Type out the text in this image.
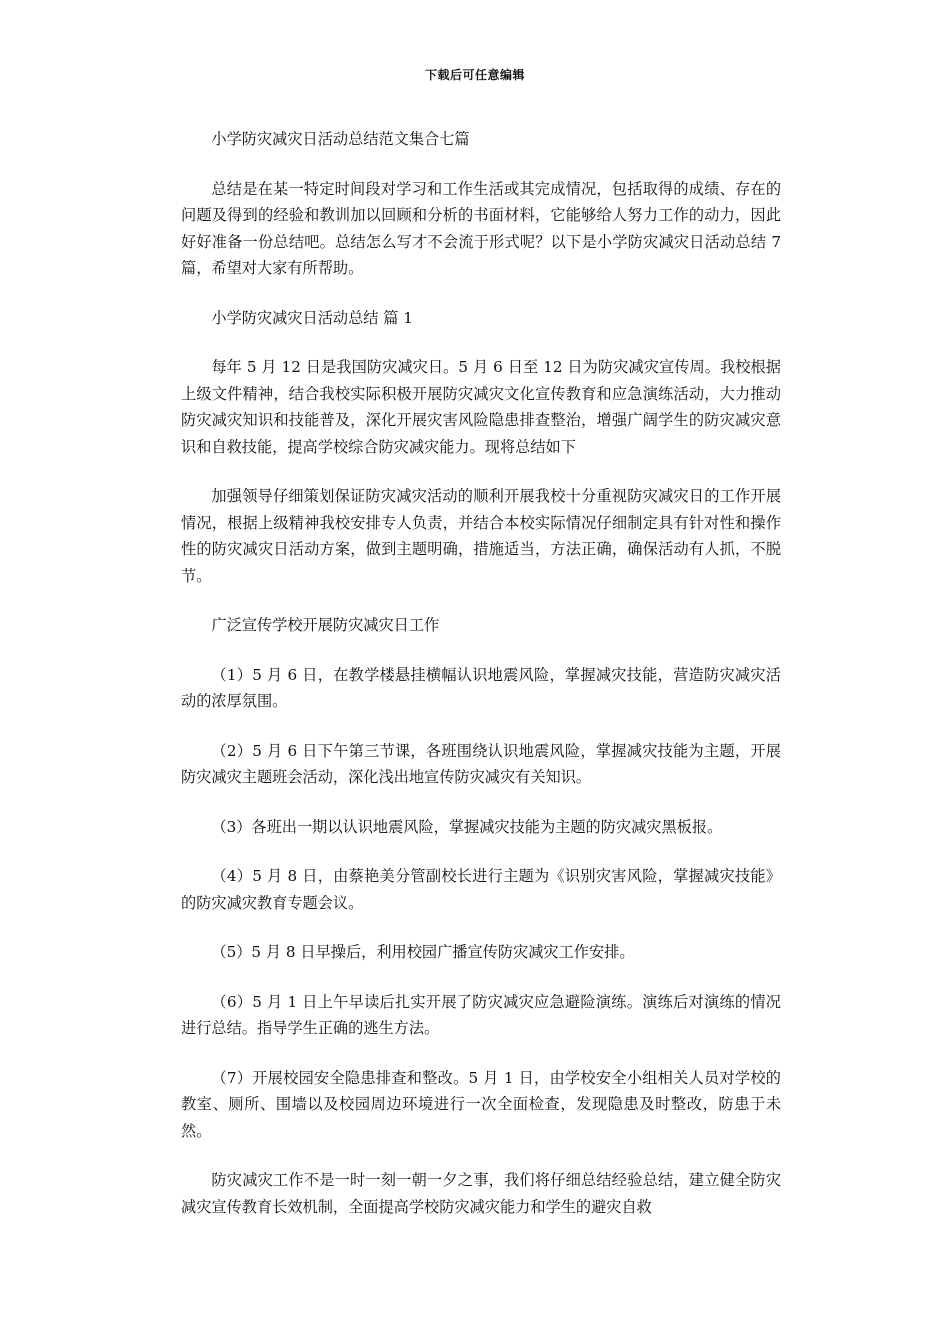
下载后可任意编辑

小学防灾减灾日活动总结范文集合七篇

总结是在某一特定时间段对学习和工作生活或其完成情况，包括取得的成绩、存在的问题及得到的经验和教训加以回顾和分析的书面材料，它能够给人努力工作的动力，因此好好准备一份总结吧。总结怎么写才不会流于形式呢？以下是小学防灾减灾日活动总结 7 篇，希望对大家有所帮助。

小学防灾减灾日活动总结 篇 1

每年 5 月 12 日是我国防灾减灾日。5 月 6 日至 12 日为防灾减灾宣传周。我校根据上级文件精神，结合我校实际积极开展防灾减灾文化宣传教育和应急演练活动，大力推动防灾减灾知识和技能普及，深化开展灾害风险隐患排查整治，增强广阔学生的防灾减灾意识和自救技能，提高学校综合防灾减灾能力。现将总结如下

加强领导仔细策划保证防灾减灾活动的顺利开展我校十分重视防灾减灾日的工作开展情况，根据上级精神我校安排专人负责，并结合本校实际情况仔细制定具有针对性和操作性的防灾减灾日活动方案，做到主题明确，措施适当，方法正确，确保活动有人抓，不脱节。

广泛宣传学校开展防灾减灾日工作

（1）5 月 6 日，在教学楼悬挂横幅认识地震风险，掌握减灾技能，营造防灾减灾活动的浓厚氛围。

（2）5 月 6 日下午第三节课，各班围绕认识地震风险，掌握减灾技能为主题，开展防灾减灾主题班会活动，深化浅出地宣传防灾减灾有关知识。

（3）各班出一期以认识地震风险，掌握减灾技能为主题的防灾减灾黑板报。

（4）5 月 8 日，由蔡艳美分管副校长进行主题为《识别灾害风险，掌握减灾技能》的防灾减灾教育专题会议。

（5）5 月 8 日早操后，利用校园广播宣传防灾减灾工作安排。

（6）5 月 1 日上午早读后扎实开展了防灾减灾应急避险演练。演练后对演练的情况进行总结。指导学生正确的逃生方法。

（7）开展校园安全隐患排查和整改。5 月 1 日，由学校安全小组相关人员对学校的教室、厕所、围墙以及校园周边环境进行一次全面检查，发现隐患及时整改，防患于未然。

防灾减灾工作不是一时一刻一朝一夕之事，我们将仔细总结经验总结，建立健全防灾减灾宣传教育长效机制，全面提高学校防灾减灾能力和学生的避灾自救
